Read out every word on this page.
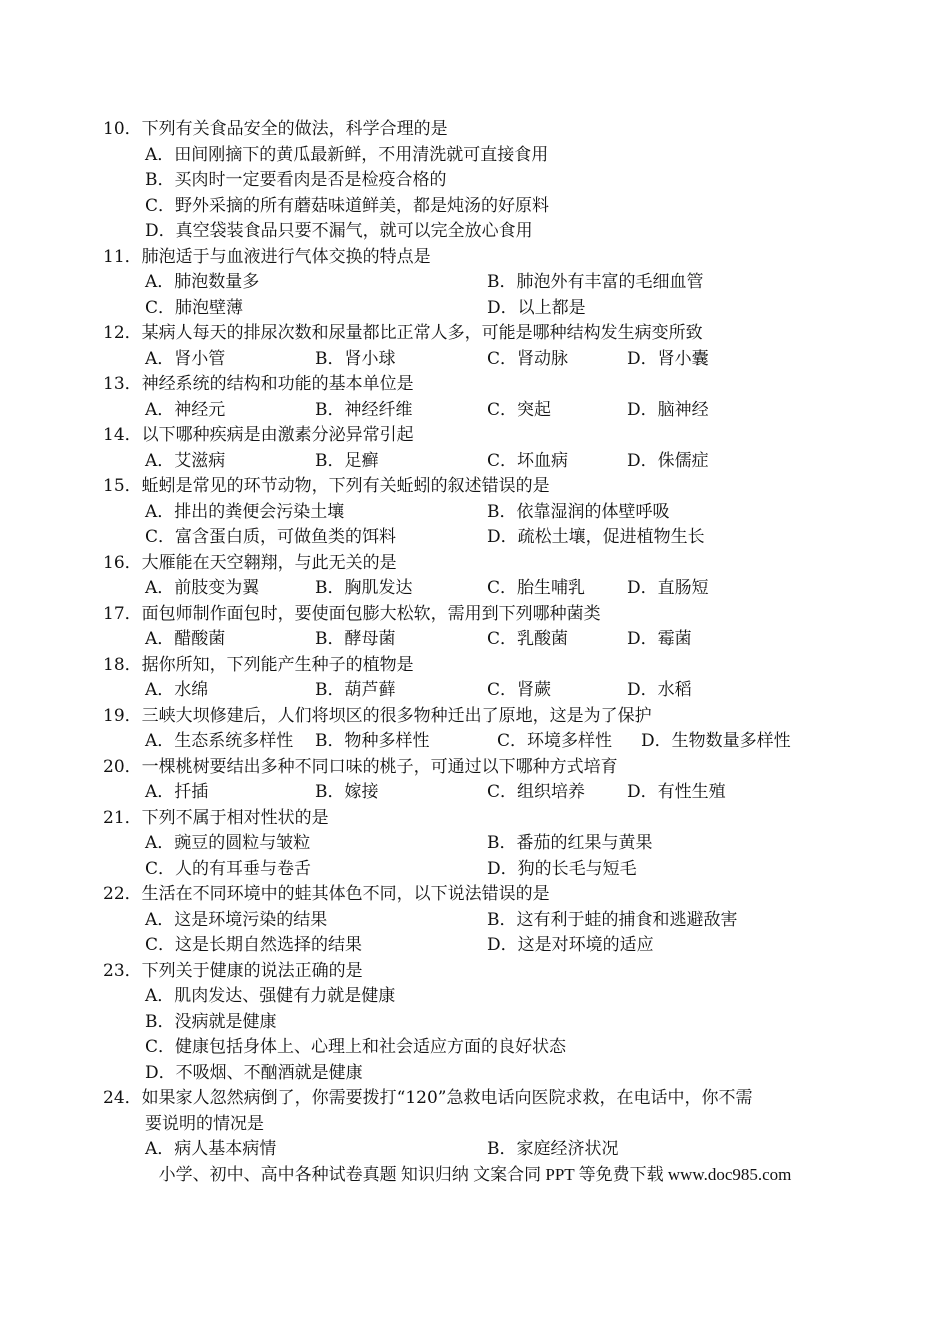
10．下列有关食品安全的做法，科学合理的是
A．田间刚摘下的黄瓜最新鲜，不用清洗就可直接食用
B．买肉时一定要看肉是否是检疫合格的
C．野外采摘的所有蘑菇味道鲜美，都是炖汤的好原料
D．真空袋装食品只要不漏气，就可以完全放心食用
11．肺泡适于与血液进行气体交换的特点是
A．肺泡数量多	B．肺泡外有丰富的毛细血管
C．肺泡壁薄	D．以上都是
12．某病人每天的排尿次数和尿量都比正常人多，可能是哪种结构发生病变所致
A．肾小管	B．肾小球	C．肾动脉	D．肾小囊
13．神经系统的结构和功能的基本单位是
A．神经元	B．神经纤维	C．突起	D．脑神经
14．以下哪种疾病是由激素分泌异常引起
A．艾滋病	B．足癣	C．坏血病	D．侏儒症
15．蚯蚓是常见的环节动物，下列有关蚯蚓的叙述错误的是
A．排出的粪便会污染土壤	B．依靠湿润的体壁呼吸
C．富含蛋白质，可做鱼类的饵料	D．疏松土壤，促进植物生长
16．大雁能在天空翱翔，与此无关的是
A．前肢变为翼	B．胸肌发达	C．胎生哺乳 D．直肠短
17．面包师制作面包时，要使面包膨大松软，需用到下列哪种菌类
A．醋酸菌	B．酵母菌	C．乳酸菌	D．霉菌
18．据你所知，下列能产生种子的植物是
A．水绵	B．葫芦藓	C．肾蕨	D．水稻
19．三峡大坝修建后，人们将坝区的很多物种迁出了原地，这是为了保护
A．生态系统多样性 B．物种多样性	C．环境多样性 D．生物数量多样性
20．一棵桃树要结出多种不同口味的桃子，可通过以下哪种方式培育
A．扦插	B．嫁接	C．组织培养 D．有性生殖
21．下列不属于相对性状的是
A．豌豆的圆粒与皱粒	B．番茄的红果与黄果
C．人的有耳垂与卷舌	D．狗的长毛与短毛
22．生活在不同环境中的蛙其体色不同，以下说法错误的是
A．这是环境污染的结果	B．这有利于蛙的捕食和逃避敌害
C．这是长期自然选择的结果	D．这是对环境的适应
23．下列关于健康的说法正确的是
A．肌肉发达、强健有力就是健康
B．没病就是健康
C．健康包括身体上、心理上和社会适应方面的良好状态
D．不吸烟、不酗酒就是健康
24．如果家人忽然病倒了，你需要拨打“120”急救电话向医院求救，在电话中，你不需
要说明的情况是
A．病人基本病情	B．家庭经济状况
小学、初中、高中各种试卷真题 知识归纳 文案合同 PPT 等免费下载 www.doc985.com
